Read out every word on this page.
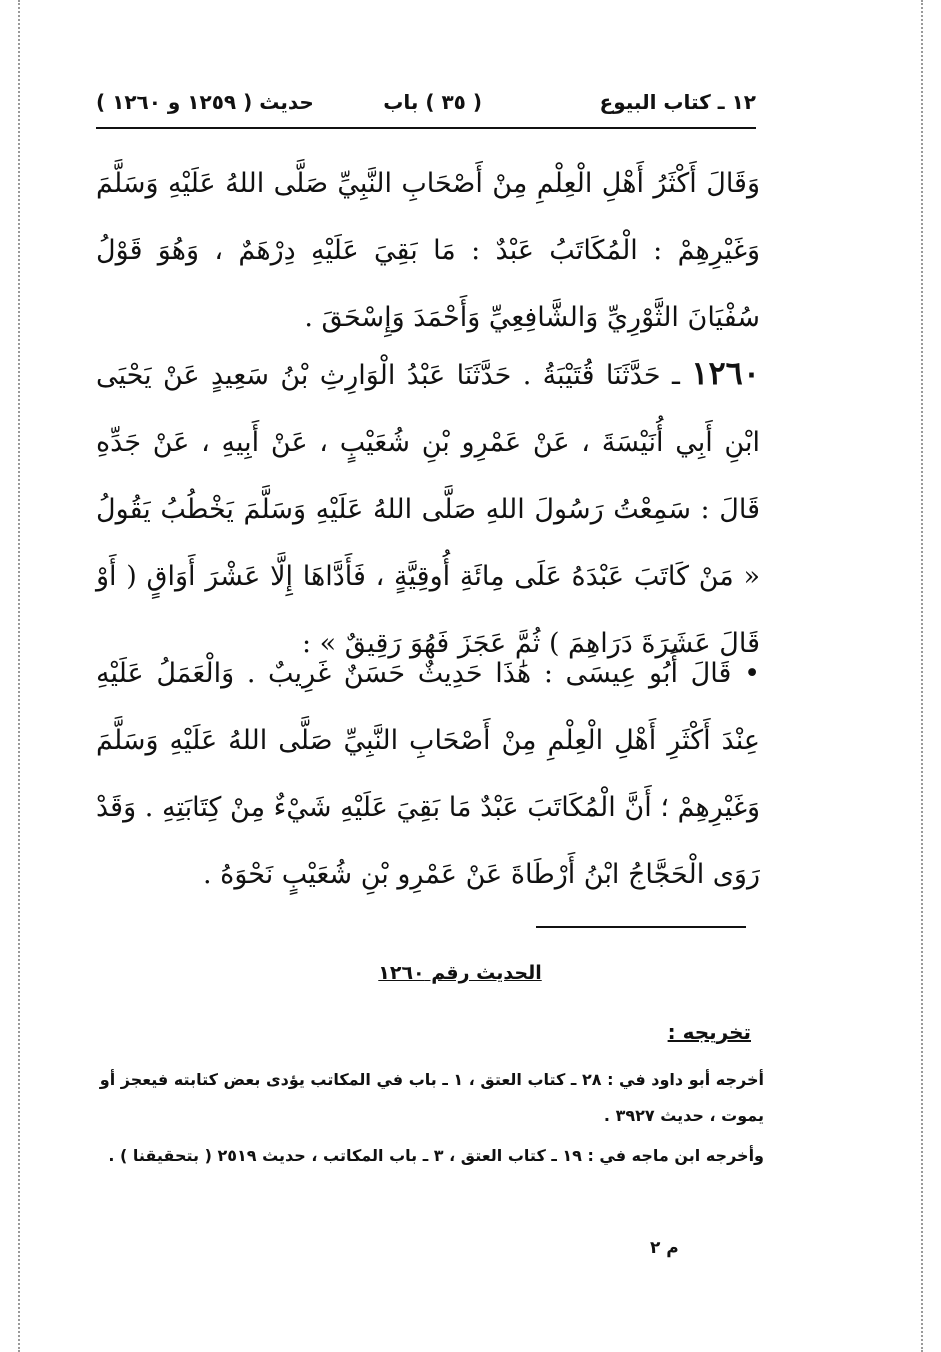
١٢ ـ كتاب البيوع
( ٣٥ ) باب
حديث ( ١٢٥٩ و ١٢٦٠ )
وَقَالَ أَكْثَرُ أَهْلِ الْعِلْمِ مِنْ أَصْحَابِ النَّبِيِّ صَلَّى اللهُ عَلَيْهِ وَسَلَّمَ وَغَيْرِهِمْ : الْمُكَاتَبُ عَبْدٌ : مَا بَقِيَ عَلَيْهِ دِرْهَمٌ ، وَهُوَ قَوْلُ سُفْيَانَ الثَّوْرِيِّ وَالشَّافِعِيِّ وَأَحْمَدَ وَإِسْحَقَ .
١٢٦٠ ـ حَدَّثَنَا قُتَيْبَةُ . حَدَّثَنَا عَبْدُ الْوَارِثِ بْنُ سَعِيدٍ عَنْ يَحْيَى ابْنِ أَبِي أُنَيْسَةَ ، عَنْ عَمْرِو بْنِ شُعَيْبٍ ، عَنْ أَبِيهِ ، عَنْ جَدِّهِ قَالَ : سَمِعْتُ رَسُولَ اللهِ صَلَّى اللهُ عَلَيْهِ وَسَلَّمَ يَخْطُبُ يَقُولُ « مَنْ كَاتَبَ عَبْدَهُ عَلَى مِائَةِ أُوقِيَّةٍ ، فَأَدَّاهَا إِلَّا عَشْرَ أَوَاقٍ ( أَوْ قَالَ عَشَرَةَ دَرَاهِمَ ) ثُمَّ عَجَزَ فَهُوَ رَقِيقٌ » :
• قَالَ أَبُو عِيسَى : هَٰذَا حَدِيثٌ حَسَنٌ غَرِيبٌ . وَالْعَمَلُ عَلَيْهِ عِنْدَ أَكْثَرِ أَهْلِ الْعِلْمِ مِنْ أَصْحَابِ النَّبِيِّ صَلَّى اللهُ عَلَيْهِ وَسَلَّمَ وَغَيْرِهِمْ ؛ أَنَّ الْمُكَاتَبَ عَبْدٌ مَا بَقِيَ عَلَيْهِ شَيْءٌ مِنْ كِتَابَتِهِ . وَقَدْ رَوَى الْحَجَّاجُ ابْنُ أَرْطَاةَ عَنْ عَمْرِو بْنِ شُعَيْبٍ نَحْوَهُ .
الحديث رقم ١٢٦٠
تخريجه :
أخرجه أبو داود في : ٢٨ ـ كتاب العتق ، ١ ـ باب في المكاتب يؤدى بعض كتابته فيعجز أو يموت ، حديث ٣٩٢٧ .
وأخرجه ابن ماجه في : ١٩ ـ كتاب العتق ، ٣ ـ باب المكاتب ، حديث ٢٥١٩ ( بتحقيقنا ) .
م ٢
